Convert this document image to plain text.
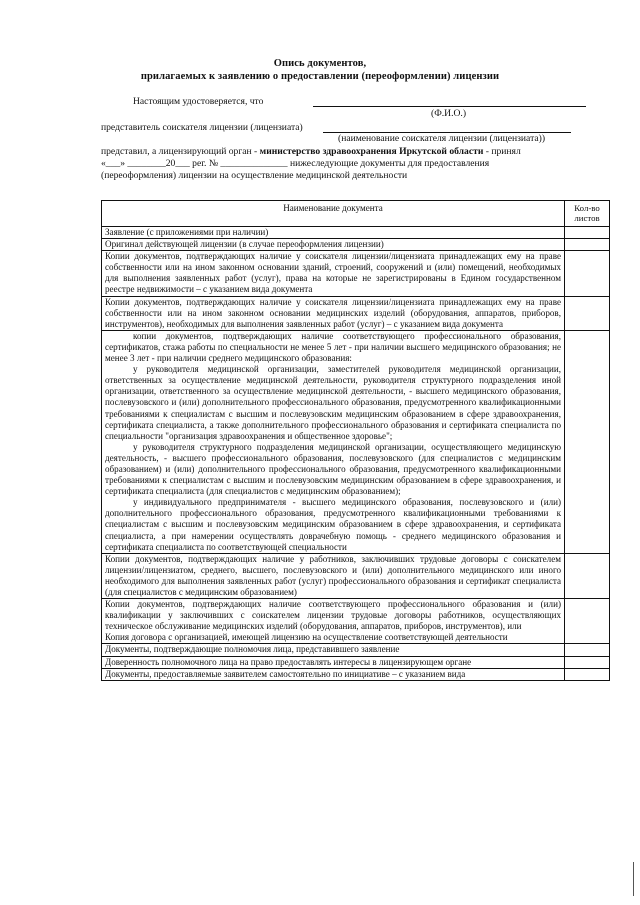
Опись документов,
прилагаемых к заявлению о предоставлении (переоформлении) лицензии
Настоящим удостоверяется, что
(Ф.И.О.)
представитель соискателя лицензии (лицензиата)
(наименование соискателя лицензии (лицензиата))
представил, а лицензирующий орган - министерство здравоохранения Иркутской области - принял
«___» ________20___ рег. № ______________ нижеследующие документы для предоставления
(переоформления) лицензии на осуществление медицинской деятельности
Наименование документа	Кол-во
листов

Заявление (с приложениями при наличии)	

Оригинал действующей лицензии (в случае переоформления лицензии)	

Копии документов, подтверждающих наличие у соискателя лицензии/лицензиата принадлежащих ему на праве собственности или на ином законном основании зданий, строений, сооружений и (или) помещений, необходимых для выполнения заявленных работ (услуг), права на которые не зарегистрированы в Едином государственном реестре недвижимости – с указанием вида документа	

Копии документов, подтверждающих наличие у соискателя лицензии/лицензиата принадлежащих ему на праве собственности или на ином законном основании медицинских изделий (оборудования, аппаратов, приборов, инструментов), необходимых для выполнения заявленных работ (услуг) – с указанием вида документа	

копии документов, подтверждающих наличие соответствующего профессионального образования, сертификатов, стажа работы по специальности не менее 5 лет - при наличии высшего медицинского образования; не менее 3 лет - при наличии среднего медицинского образования:
у руководителя медицинской организации, заместителей руководителя медицинской организации, ответственных за осуществление медицинской деятельности, руководителя структурного подразделения иной организации, ответственного за осуществление медицинской деятельности, - высшего медицинского образования, послевузовского и (или) дополнительного профессионального образования, предусмотренного квалификационными требованиями к специалистам с высшим и послевузовским медицинским образованием в сфере здравоохранения, сертификата специалиста, а также дополнительного профессионального образования и сертификата специалиста по специальности "организация здравоохранения и общественное здоровье";
у руководителя структурного подразделения медицинской организации, осуществляющего медицинскую деятельность, - высшего профессионального образования, послевузовского (для специалистов с медицинским образованием) и (или) дополнительного профессионального образования, предусмотренного квалификационными требованиями к специалистам с высшим и послевузовским медицинским образованием в сфере здравоохранения, и сертификата специалиста (для специалистов с медицинским образованием);
у индивидуального предпринимателя - высшего медицинского образования, послевузовского и (или) дополнительного профессионального образования, предусмотренного квалификационными требованиями к специалистам с высшим и послевузовским медицинским образованием в сфере здравоохранения, и сертификата специалиста, а при намерении осуществлять доврачебную помощь - среднего медицинского образования и сертификата специалиста по соответствующей специальности	

Копии документов, подтверждающих наличие у работников, заключивших трудовые договоры с соискателем лицензии/лицензиатом, среднего, высшего, послевузовского и (или) дополнительного медицинского или иного необходимого для выполнения заявленных работ (услуг) профессионального образования и сертификат специалиста (для специалистов с медицинским образованием)	

Копии документов, подтверждающих наличие соответствующего профессионального образования и (или) квалификации у заключивших с соискателем лицензии трудовые договоры работников, осуществляющих техническое обслуживание медицинских изделий (оборудования, аппаратов, приборов, инструментов), или
Копия договора с организацией, имеющей лицензию на осуществление соответствующей деятельности	

Документы, подтверждающие полномочия лица, представившего заявление	

Доверенность полномочного лица на право предоставлять интересы в лицензирующем органе	

Документы, предоставляемые заявителем самостоятельно по инициативе – с указанием вида	
